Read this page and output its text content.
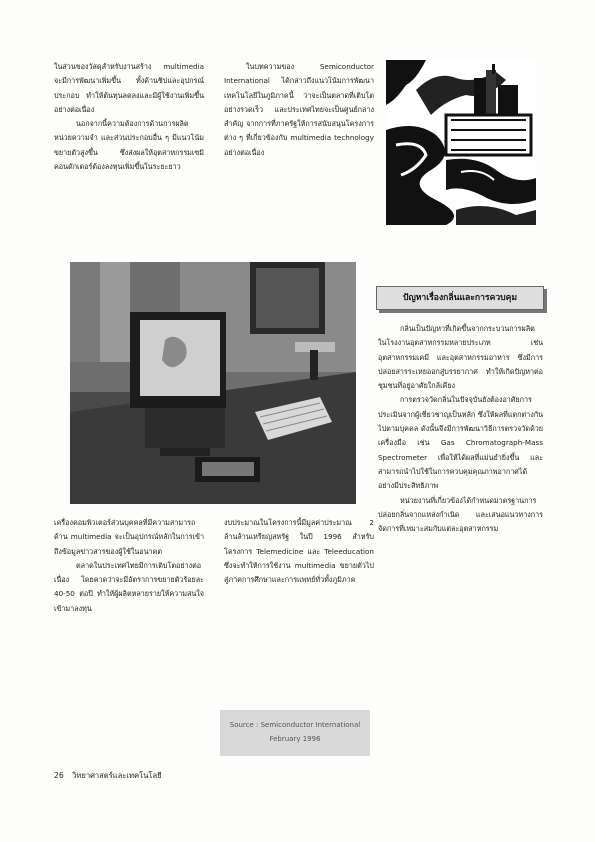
ในส่วนของวัสดุสำหรับงานสร้าง multimedia จะมีการพัฒนาเพิ่มขึ้น ทั้งด้านชิปและอุปกรณ์ประกอบ ทำให้ต้นทุนลดลงและมีผู้ใช้งานเพิ่มขึ้นอย่างต่อเนื่อง

นอกจากนี้ความต้องการด้านการผลิตหน่วยความจำ และส่วนประกอบอื่น ๆ มีแนวโน้มขยายตัวสูงขึ้น ซึ่งส่งผลให้อุตสาหกรรมเซมิคอนดักเตอร์ต้องลงทุนเพิ่มขึ้นในระยะยาว

ในบทความของ Semiconductor International ได้กล่าวถึงแนวโน้มการพัฒนาเทคโนโลยีในภูมิภาคนี้ ว่าจะเป็นตลาดที่เติบโตอย่างรวดเร็ว และประเทศไทยจะเป็นศูนย์กลางสำคัญ จากการที่ภาครัฐให้การสนับสนุนโครงการต่าง ๆ ที่เกี่ยวข้องกับ multimedia technology อย่างต่อเนื่อง

ปัญหาเรื่องกลิ่นและการควบคุม

กลิ่นเป็นปัญหาที่เกิดขึ้นจากกระบวนการผลิตในโรงงานอุตสาหกรรมหลายประเภท เช่น อุตสาหกรรมเคมี และอุตสาหกรรมอาหาร ซึ่งมีการปล่อยสารระเหยออกสู่บรรยากาศ ทำให้เกิดปัญหาต่อชุมชนที่อยู่อาศัยใกล้เคียง

การตรวจวัดกลิ่นในปัจจุบันยังต้องอาศัยการประเมินจากผู้เชี่ยวชาญเป็นหลัก ซึ่งให้ผลที่แตกต่างกันไปตามบุคคล ดังนั้นจึงมีการพัฒนาวิธีการตรวจวัดด้วยเครื่องมือ เช่น Gas Chromatograph-Mass Spectrometer เพื่อให้ได้ผลที่แม่นยำยิ่งขึ้น และสามารถนำไปใช้ในการควบคุมคุณภาพอากาศได้อย่างมีประสิทธิภาพ

หน่วยงานที่เกี่ยวข้องได้กำหนดมาตรฐานการปล่อยกลิ่นจากแหล่งกำเนิด และเสนอแนวทางการจัดการที่เหมาะสมกับแต่ละอุตสาหกรรม

เครื่องคอมพิวเตอร์ส่วนบุคคลที่มีความสามารถด้าน multimedia จะเป็นอุปกรณ์หลักในการเข้าถึงข้อมูลข่าวสารของผู้ใช้ในอนาคต

ตลาดในประเทศไทยมีการเติบโตอย่างต่อเนื่อง โดยคาดว่าจะมีอัตราการขยายตัวร้อยละ 40-50 ต่อปี ทำให้ผู้ผลิตหลายรายให้ความสนใจเข้ามาลงทุน

งบประมาณในโครงการนี้มีมูลค่าประมาณ 2 ล้านล้านเหรียญสหรัฐ ในปี 1996 สำหรับโครงการ Telemedicine และ Teleeducation ซึ่งจะทำให้การใช้งาน multimedia ขยายตัวไปสู่ภาคการศึกษาและการแพทย์ทั่วทั้งภูมิภาค

Source : Semiconductor International
February 1996
26 วิทยาศาสตร์และเทคโนโลยี
